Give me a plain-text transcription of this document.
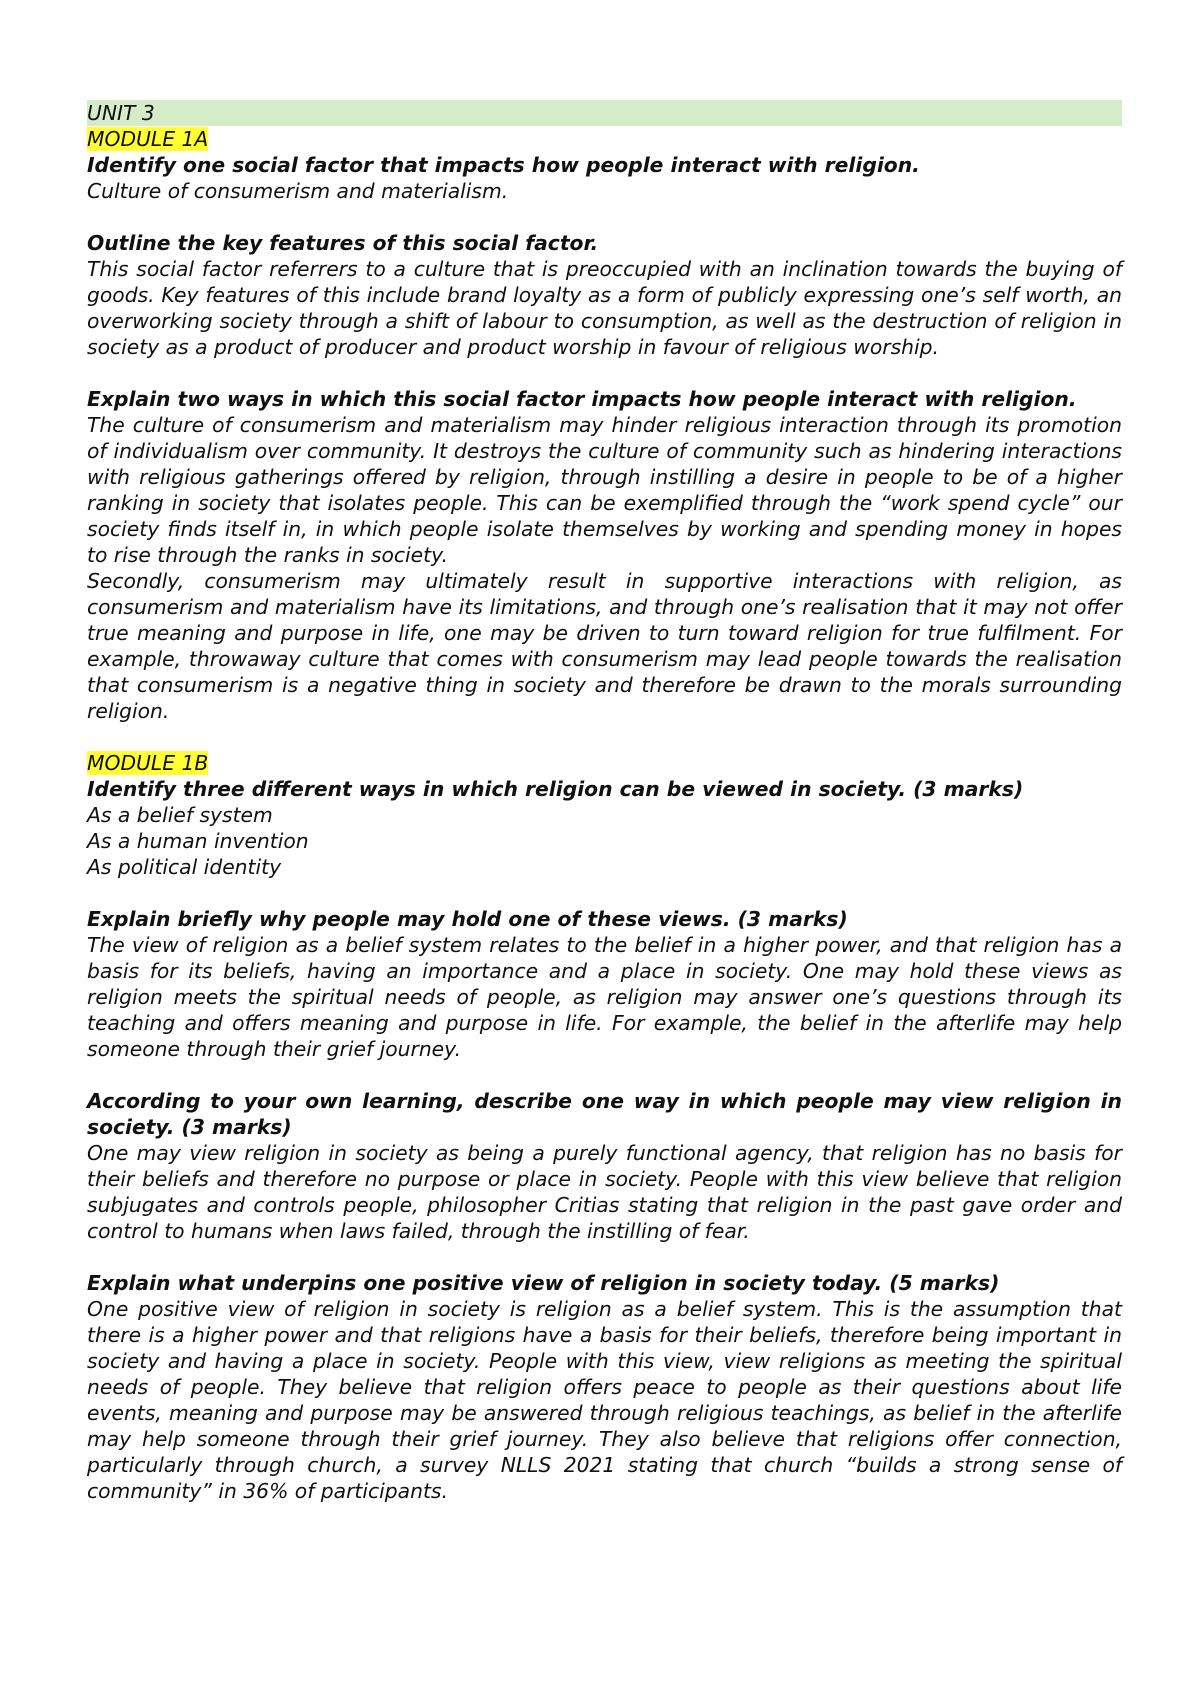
UNIT 3

MODULE 1A

Identify one social factor that impacts how people interact with religion.

Culture of consumerism and materialism.

Outline the key features of this social factor.

This social factor referrers to a culture that is preoccupied with an inclination towards the buying of goods. Key features of this include brand loyalty as a form of publicly expressing one’s self worth, an overworking society through a shift of labour to consumption, as well as the destruction of religion in society as a product of producer and product worship in favour of religious worship.

Explain two ways in which this social factor impacts how people interact with religion.

The culture of consumerism and materialism may hinder religious interaction through its promotion of individualism over community. It destroys the culture of community such as hindering interactions with religious gatherings offered by religion, through instilling a desire in people to be of a higher ranking in society that isolates people. This can be exemplified through the “work spend cycle” our society finds itself in, in which people isolate themselves by working and spending money in hopes to rise through the ranks in society.

Secondly, consumerism may ultimately result in supportive interactions with religion, as consumerism and materialism have its limitations, and through one’s realisation that it may not offer true meaning and purpose in life, one may be driven to turn toward religion for true fulfilment. For example, throwaway culture that comes with consumerism may lead people towards the realisation that consumerism is a negative thing in society and therefore be drawn to the morals surrounding religion.

MODULE 1B

Identify three different ways in which religion can be viewed in society. (3 marks)

As a belief system

As a human invention

As political identity

Explain briefly why people may hold one of these views. (3 marks)

The view of religion as a belief system relates to the belief in a higher power, and that religion has a basis for its beliefs, having an importance and a place in society. One may hold these views as religion meets the spiritual needs of people, as religion may answer one’s questions through its teaching and offers meaning and purpose in life. For example, the belief in the afterlife may help someone through their grief journey.

According to your own learning, describe one way in which people may view religion in society. (3 marks)

One may view religion in society as being a purely functional agency, that religion has no basis for their beliefs and therefore no purpose or place in society. People with this view believe that religion subjugates and controls people, philosopher Critias stating that religion in the past gave order and control to humans when laws failed, through the instilling of fear.

Explain what underpins one positive view of religion in society today. (5 marks)

One positive view of religion in society is religion as a belief system. This is the assumption that there is a higher power and that religions have a basis for their beliefs, therefore being important in society and having a place in society. People with this view, view religions as meeting the spiritual needs of people. They believe that religion offers peace to people as their questions about life events, meaning and purpose may be answered through religious teachings, as belief in the afterlife may help someone through their grief journey. They also believe that religions offer connection, particularly through church, a survey NLLS 2021 stating that church “builds a strong sense of community” in 36% of participants.
